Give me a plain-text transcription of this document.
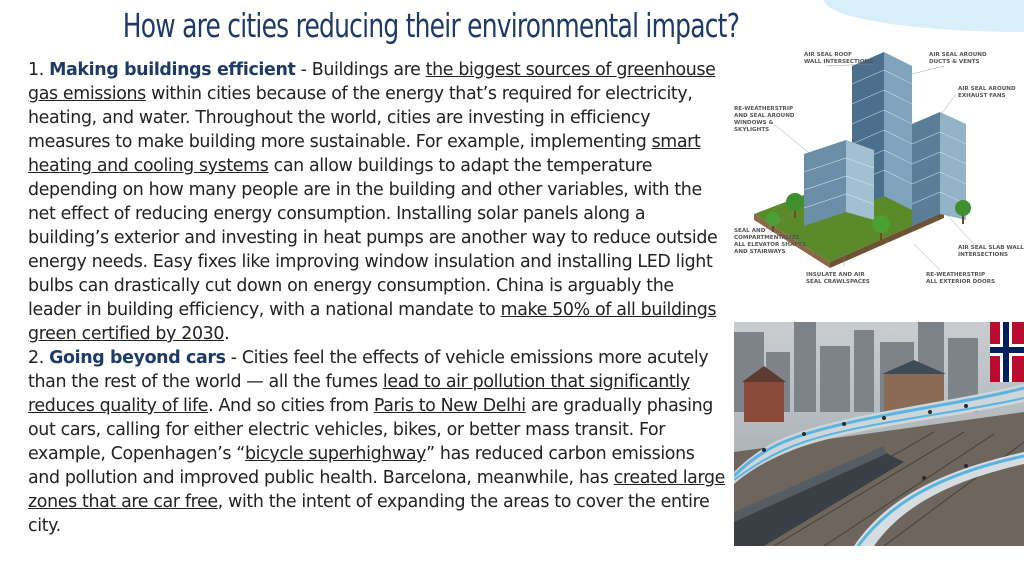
How are cities reducing their environmental impact?
1. Making buildings efficient - Buildings are the biggest sources of greenhouse gas emissions within cities because of the energy that’s required for electricity, heating, and water. Throughout the world, cities are investing in efficiency measures to make building more sustainable. For example, implementing smart heating and cooling systems can allow buildings to adapt the temperature depending on how many people are in the building and other variables, with the net effect of reducing energy consumption. Installing solar panels along a building’s exterior and investing in heat pumps are another way to reduce outside energy needs. Easy fixes like improving window insulation and installing LED light bulbs can drastically cut down on energy consumption. China is arguably the leader in building efficiency, with a national mandate to make 50% of all buildings green certified by 2030.
2. Going beyond cars - Cities feel the effects of vehicle emissions more acutely than the rest of the world — all the fumes lead to air pollution that significantly reduces quality of life. And so cities from Paris to New Delhi are gradually phasing out cars, calling for either electric vehicles, bikes, or better mass transit. For example, Copenhagen’s “bicycle superhighway” has reduced carbon emissions and pollution and improved public health. Barcelona, meanwhile, has created large zones that are car free, with the intent of expanding the areas to cover the entire city.
AIR SEAL ROOF
WALL INTERSECTIONS
AIR SEAL AROUND
DUCTS & VENTS
AIR SEAL AROUND
EXHAUST FANS
RE-WEATHERSTRIP
AND SEAL AROUND
WINDOWS &
SKYLIGHTS
SEAL AND
COMPARTMENTALIZE
ALL ELEVATOR SHAFTS
AND STAIRWAYS
AIR SEAL SLAB WALL
INTERSECTIONS
INSULATE AND AIR
SEAL CRAWLSPACES
RE-WEATHERSTRIP
ALL EXTERIOR DOORS
